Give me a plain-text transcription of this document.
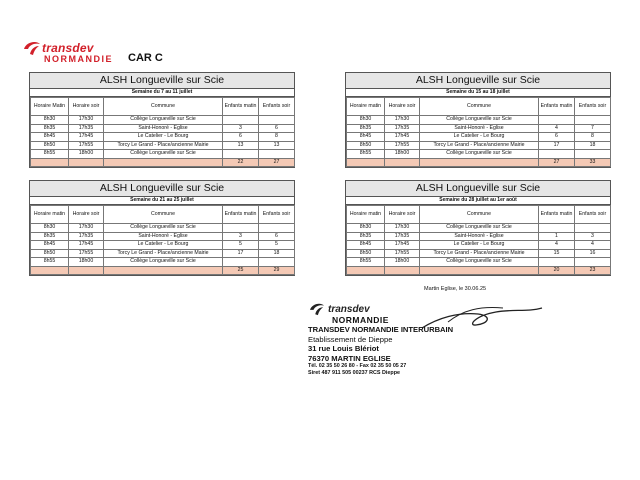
transdev
NORMANDIE CAR C
ALSH Longueville sur Scie
Semaine du 7 au 11 juillet
Horaire Matin	Horaire soir	Commune	Enfants matin	Enfants soir
8h30	17h30	Collège Longueville sur Scie		
8h35	17h35	Saint-Honoré - Eglise	3	6
8h45	17h45	Le Catelier - Le Bourg	6	8
8h50	17h55	Torcy Le Grand - Place/ancienne Mairie	13	13
8h55	18h00	Collège Longueville sur Scie		
			22	27
ALSH Longueville sur Scie
Semaine du 15 au 18 juillet
Horaire matin	Horaire soir	Commune	Enfants matin	Enfants soir
8h30	17h30	Collège Longueville sur Scie		
8h35	17h35	Saint-Honoré - Eglise	4	7
8h45	17h45	Le Catelier - Le Bourg	6	8
8h50	17h55	Torcy Le Grand - Place/ancienne Mairie	17	18
8h55	18h00	Collège Longueville sur Scie		
			27	33
ALSH Longueville sur Scie
Semaine du 21 au 25 juillet
Horaire matin	Horaire soir	Commune	Enfants matin	Enfants soir
8h30	17h30	Collège Longueville sur Scie		
8h35	17h35	Saint-Honoré - Eglise	3	6
8h45	17h45	Le Catelier - Le Bourg	5	5
8h50	17h55	Torcy Le Grand - Place/ancienne Mairie	17	18
8h55	18h00	Collège Longueville sur Scie		
			25	29
ALSH Longueville sur Scie
Semaine du 28 juillet au 1er août
Horaire matin	Horaire soir	Commune	Enfants matin	Enfants soir
8h30	17h30	Collège Longueville sur Scie		
8h35	17h35	Saint-Honoré - Eglise	1	3
8h45	17h45	Le Catelier - Le Bourg	4	4
8h50	17h55	Torcy Le Grand - Place/ancienne Mairie	15	16
8h55	18h00	Collège Longueville sur Scie		
			20	23
Martin Eglise, le 30.06.25
transdev
NORMANDIE
TRANSDEV NORMANDIE INTERURBAIN
Etablissement de Dieppe
31 rue Louis Blériot
76370 MARTIN EGLISE
Tél. 02 35 50 26 80 - Fax 02 35 50 05 27
Siret 487 911 505 00237 RCS Dieppe
